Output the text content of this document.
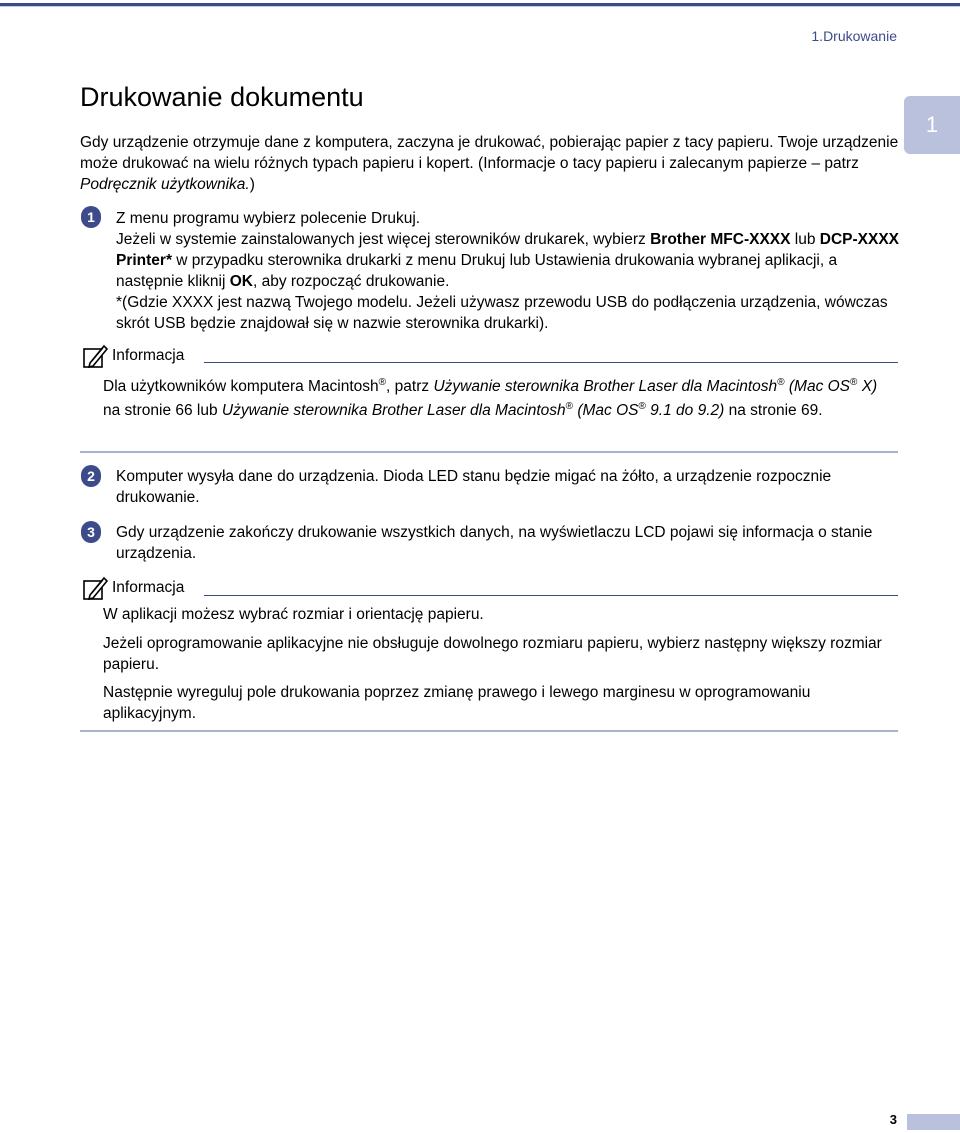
1.Drukowanie
1
Drukowanie dokumentu
Gdy urządzenie otrzymuje dane z komputera, zaczyna je drukować, pobierając papier z tacy papieru. Twoje urządzenie może drukować na wielu różnych typach papieru i kopert. (Informacje o tacy papieru i zalecanym papierze – patrz Podręcznik użytkownika.)
1	Z menu programu wybierz polecenie Drukuj.
Jeżeli w systemie zainstalowanych jest więcej sterowników drukarek, wybierz Brother MFC-XXXX lub DCP-XXXX Printer* w przypadku sterownika drukarki z menu Drukuj lub Ustawienia drukowania wybranej aplikacji, a następnie kliknij OK, aby rozpocząć drukowanie.
*(Gdzie XXXX jest nazwą Twojego modelu. Jeżeli używasz przewodu USB do podłączenia urządzenia, wówczas skrót USB będzie znajdował się w nazwie sterownika drukarki).
Informacja
Dla użytkowników komputera Macintosh®, patrz Używanie sterownika Brother Laser dla Macintosh® (Mac OS® X) na stronie 66 lub Używanie sterownika Brother Laser dla Macintosh® (Mac OS® 9.1 do 9.2) na stronie 69.
2	Komputer wysyła dane do urządzenia. Dioda LED stanu będzie migać na żółto, a urządzenie rozpocznie drukowanie.
3	Gdy urządzenie zakończy drukowanie wszystkich danych, na wyświetlaczu LCD pojawi się informacja o stanie urządzenia.
Informacja
W aplikacji możesz wybrać rozmiar i orientację papieru.
Jeżeli oprogramowanie aplikacyjne nie obsługuje dowolnego rozmiaru papieru, wybierz następny większy rozmiar papieru.
Następnie wyreguluj pole drukowania poprzez zmianę prawego i lewego marginesu w oprogramowaniu aplikacyjnym.
3
